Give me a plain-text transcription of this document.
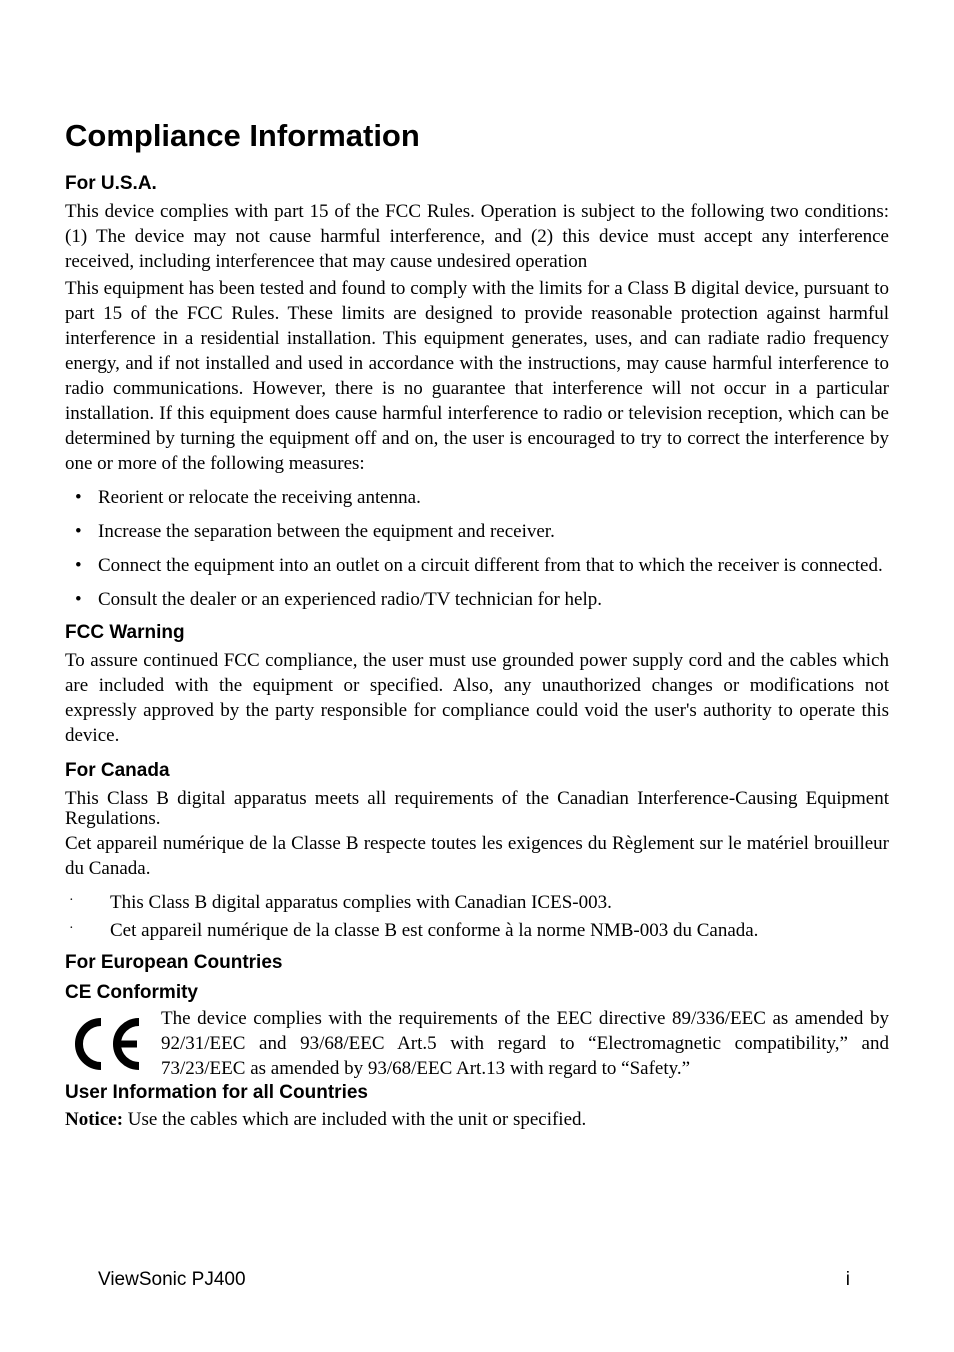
Compliance Information
For U.S.A.

This device complies with part 15 of the FCC Rules. Operation is subject to the following two conditions: (1) The device may not cause harmful interference, and (2) this device must accept any interference received, including interferencee that may cause undesired operation

This equipment has been tested and found to comply with the limits for a Class B digital device, pursuant to part 15 of the FCC Rules. These limits are designed to provide reasonable protection against harmful interference in a residential installation. This equipment generates, uses, and can radiate radio frequency energy, and if not installed and used in accordance with the instructions, may cause harmful interference to radio communications. However, there is no guarantee that interference will not occur in a particular installation. If this equipment does cause harmful interference to radio or television reception, which can be determined by turning the equipment off and on, the user is encouraged to try to correct the interference by one or more of the following measures:

• Reorient or relocate the receiving antenna.
• Increase the separation between the equipment and receiver.
• Connect the equipment into an outlet on a circuit different from that to which the receiver is connected.
• Consult the dealer or an experienced radio/TV technician for help.
FCC Warning

To assure continued FCC compliance, the user must use grounded power supply cord and the cables which are included with the equipment or specified. Also, any unauthorized changes or modifications not expressly approved by the party responsible for compliance could void the user's authority to operate this device.

For Canada

This Class B digital apparatus meets all requirements of the Canadian Interference-Causing Equipment Regulations.

Cet appareil numérique de la Classe B respecte toutes les exigences du Règlement sur le matériel brouilleur du Canada.

· This Class B digital apparatus complies with Canadian ICES-003.
· Cet appareil numérique de la classe B est conforme à la norme NMB-003 du Canada.
For European Countries
CE Conformity

The device complies with the requirements of the EEC directive 89/336/EEC as amended by 92/31/EEC and 93/68/EEC Art.5 with regard to “Electromagnetic compatibility,” and 73/23/EEC as amended by 93/68/EEC Art.13 with regard to “Safety.”

User Information for all Countries

Notice: Use the cables which are included with the unit or specified.

ViewSonic PJ400	i
